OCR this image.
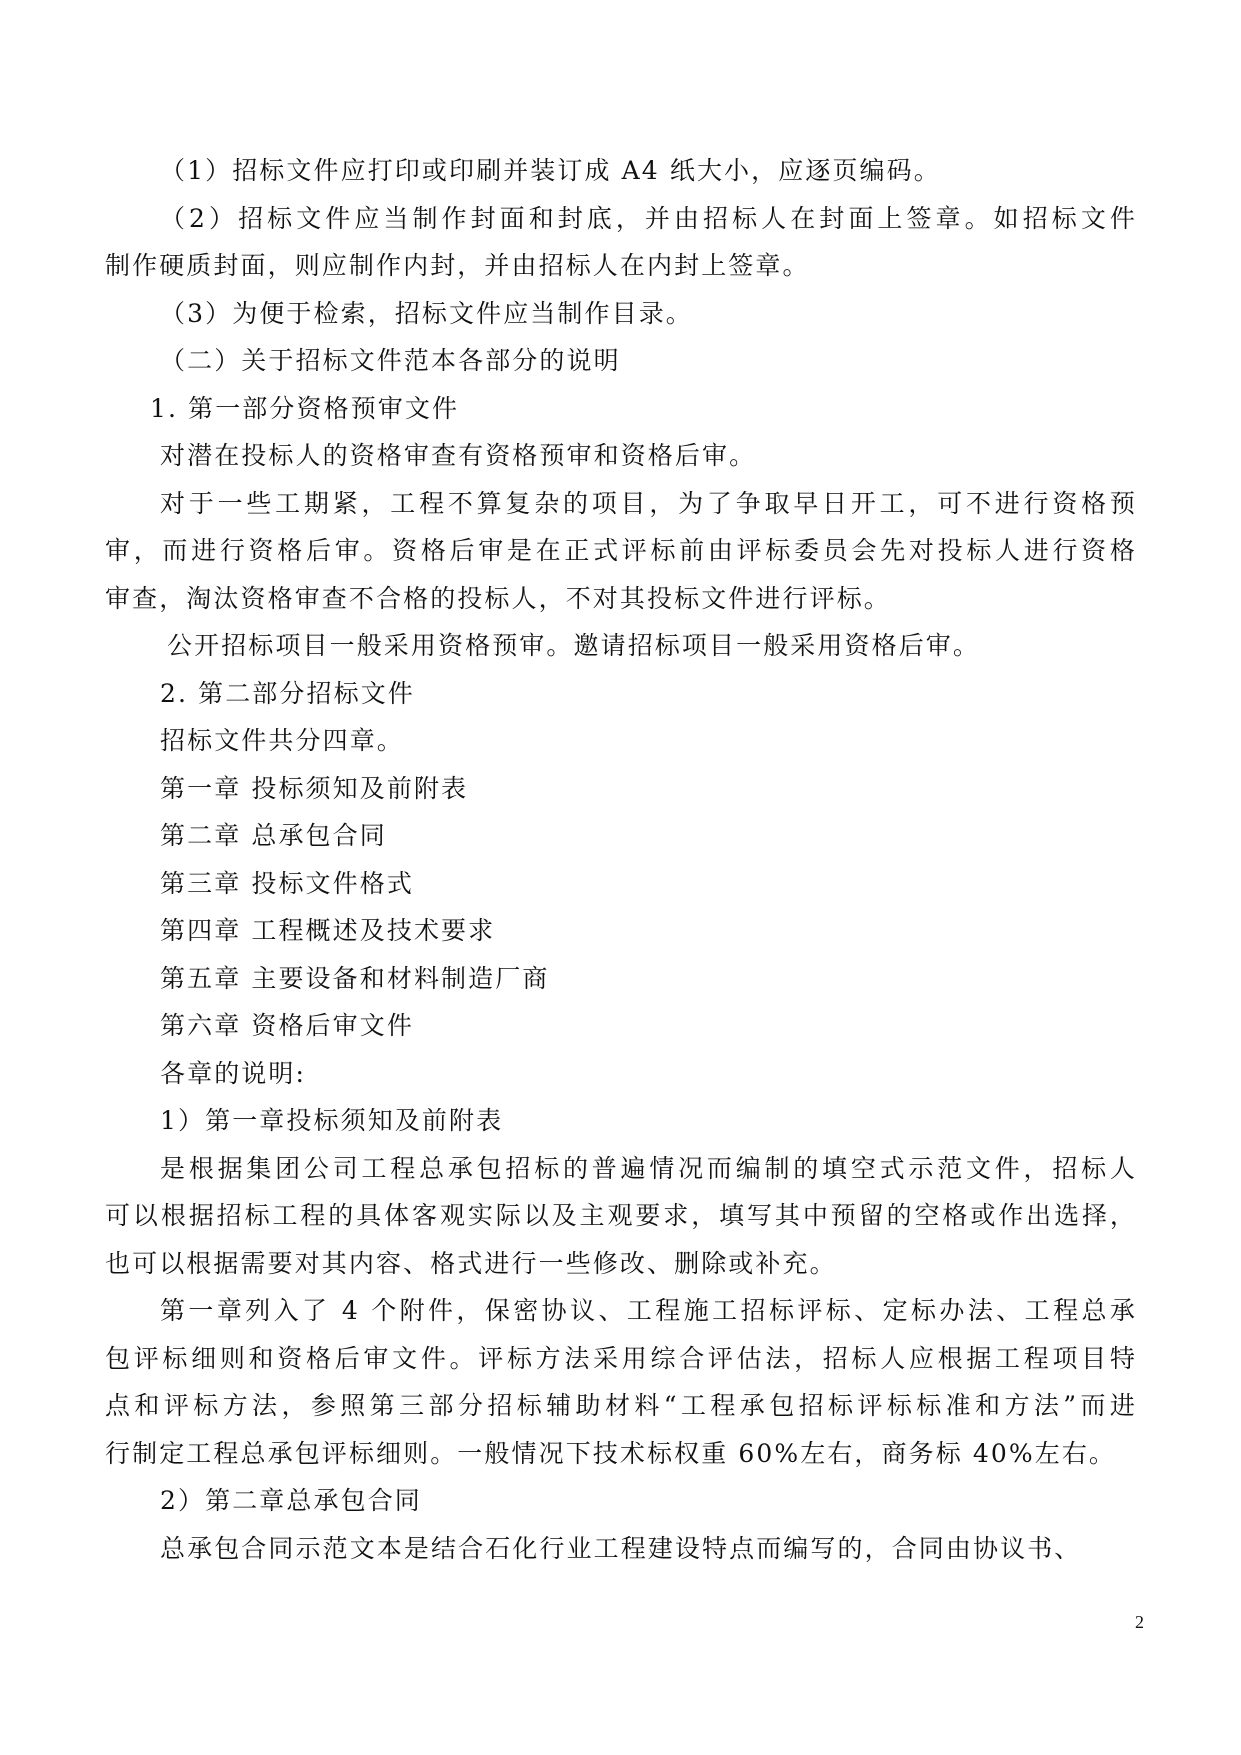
（1）招标文件应打印或印刷并装订成 A4 纸大小，应逐页编码。
（2）招标文件应当制作封面和封底，并由招标人在封面上签章。如招标文件
制作硬质封面，则应制作内封，并由招标人在内封上签章。
（3）为便于检索，招标文件应当制作目录。
（二）关于招标文件范本各部分的说明
1. 第一部分资格预审文件
对潜在投标人的资格审查有资格预审和资格后审。
对于一些工期紧，工程不算复杂的项目，为了争取早日开工，可不进行资格预
审，而进行资格后审。资格后审是在正式评标前由评标委员会先对投标人进行资格
审查，淘汰资格审查不合格的投标人，不对其投标文件进行评标。
公开招标项目一般采用资格预审。邀请招标项目一般采用资格后审。
2. 第二部分招标文件
招标文件共分四章。
第一章 投标须知及前附表
第二章 总承包合同
第三章 投标文件格式
第四章 工程概述及技术要求
第五章 主要设备和材料制造厂商
第六章 资格后审文件
各章的说明:
1）第一章投标须知及前附表
是根据集团公司工程总承包招标的普遍情况而编制的填空式示范文件，招标人
可以根据招标工程的具体客观实际以及主观要求，填写其中预留的空格或作出选择，
也可以根据需要对其内容、格式进行一些修改、删除或补充。
第一章列入了 4 个附件，保密协议、工程施工招标评标、定标办法、工程总承
包评标细则和资格后审文件。评标方法采用综合评估法，招标人应根据工程项目特
点和评标方法，参照第三部分招标辅助材料“工程承包招标评标标准和方法”而进
行制定工程总承包评标细则。一般情况下技术标权重 60%左右，商务标 40%左右。
2）第二章总承包合同
总承包合同示范文本是结合石化行业工程建设特点而编写的，合同由协议书、
2
